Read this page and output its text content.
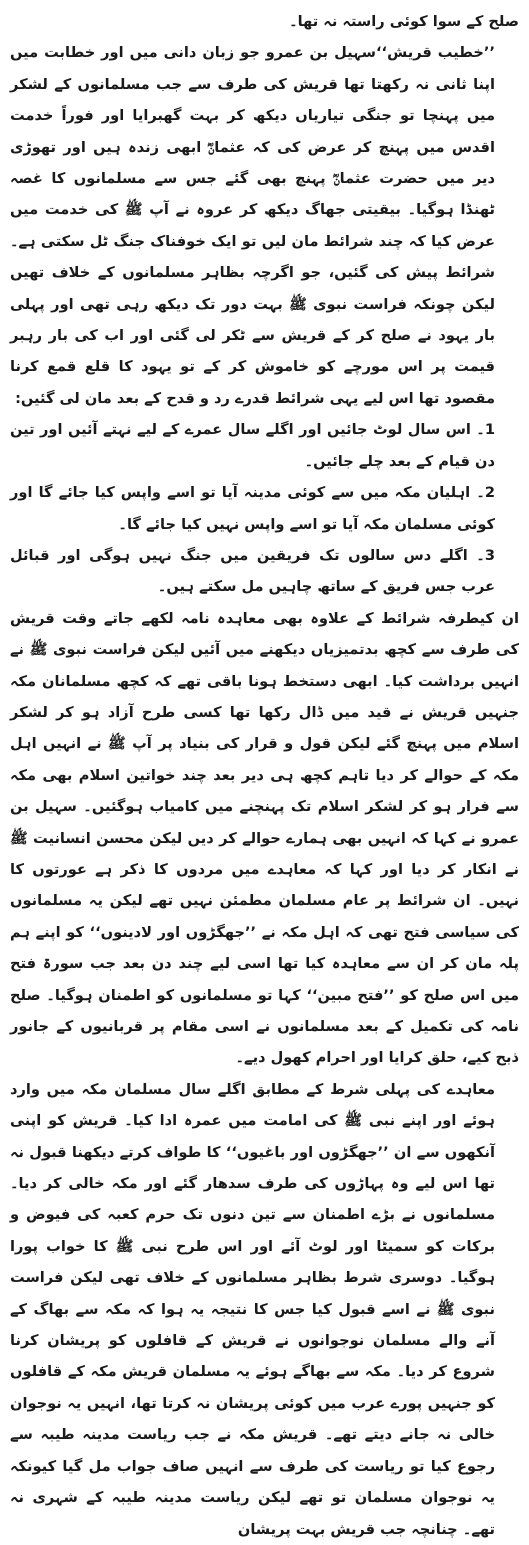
صلح کے سوا کوئی راستہ نہ تھا۔

’’خطیب قریش‘‘سہیل بن عمرو جو زبان دانی میں اور خطابت میں اپنا ثانی نہ رکھتا تھا قریش کی طرف سے جب مسلمانوں کے لشکر میں پہنچا تو جنگی تیاریاں دیکھ کر بہت گھبرایا اور فوراً خدمت اقدس میں پہنچ کر عرض کی کہ عثمانؓ ابھی زندہ ہیں اور تھوڑی دیر میں حضرت عثمانؓ پہنچ بھی گئے جس سے مسلمانوں کا غصہ ٹھنڈا ہوگیا۔ بیقیتی جھاگ دیکھ کر عروہ نے آپ ﷺ کی خدمت میں عرض کیا کہ چند شرائط مان لیں تو ایک خوفناک جنگ ٹل سکتی ہے۔ شرائط پیش کی گئیں، جو اگرچہ بظاہر مسلمانوں کے خلاف تھیں لیکن چونکہ فراست نبوی ﷺ بہت دور تک دیکھ رہی تھی اور پہلی بار یہود نے صلح کر کے قریش سے ٹکر لی گئی اور اب کی بار رہبر قیمت پر اس مورچے کو خاموش کر کے تو یہود کا قلع قمع کرنا مقصود تھا اس لیے یہی شرائط قدرے رد و قدح کے بعد مان لی گئیں:

1۔ اس سال لوٹ جائیں اور اگلے سال عمرے کے لیے نہتے آئیں اور تین دن قیام کے بعد چلے جائیں۔

2۔ اہلیان مکہ میں سے کوئی مدینہ آیا تو اسے واپس کیا جائے گا اور کوئی مسلمان مکہ آیا تو اسے واپس نہیں کیا جائے گا۔

3۔ اگلے دس سالوں تک فریقین میں جنگ نہیں ہوگی اور قبائل عرب جس فریق کے ساتھ چاہیں مل سکتے ہیں۔

ان کیطرفہ شرائط کے علاوہ بھی معاہدہ نامہ لکھے جاتے وقت قریش کی طرف سے کچھ بدتمیزیاں دیکھنے میں آئیں لیکن فراست نبوی ﷺ نے انہیں برداشت کیا۔ ابھی دستخط ہونا باقی تھے کہ کچھ مسلمانان مکہ جنہیں قریش نے قید میں ڈال رکھا تھا کسی طرح آزاد ہو کر لشکر اسلام میں پہنچ گئے لیکن قول و قرار کی بنیاد پر آپ ﷺ نے انہیں اہل مکہ کے حوالے کر دیا تاہم کچھ ہی دیر بعد چند خواتین اسلام بھی مکہ سے فرار ہو کر لشکر اسلام تک پہنچنے میں کامیاب ہوگئیں۔ سہیل بن عمرو نے کہا کہ انہیں بھی ہمارے حوالے کر دیں لیکن محسن انسانیت ﷺ نے انکار کر دیا اور کہا کہ معاہدے میں مردوں کا ذکر ہے عورتوں کا نہیں۔ ان شرائط پر عام مسلمان مطمئن نہیں تھے لیکن یہ مسلمانوں کی سیاسی فتح تھی کہ اہل مکہ نے ’’جھگڑوں اور لادینوں‘‘ کو اپنے ہم پلہ مان کر ان سے معاہدہ کیا تھا اسی لیے چند دن بعد جب سورۃ فتح میں اس صلح کو ’’فتح مبین‘‘ کہا تو مسلمانوں کو اطمنان ہوگیا۔ صلح نامہ کی تکمیل کے بعد مسلمانوں نے اسی مقام پر قربانیوں کے جانور ذبح کیے، حلق کرایا اور احرام کھول دیے۔

معاہدے کی پہلی شرط کے مطابق اگلے سال مسلمان مکہ میں وارد ہوئے اور اپنے نبی ﷺ کی امامت میں عمرہ ادا کیا۔ قریش کو اپنی آنکھوں سے ان ’’جھگڑوں اور باغیوں‘‘ کا طواف کرتے دیکھنا قبول نہ تھا اس لیے وہ پہاڑوں کی طرف سدھار گئے اور مکہ خالی کر دیا۔ مسلمانوں نے بڑے اطمنان سے تین دنوں تک حرم کعبہ کی فیوض و برکات کو سمیٹا اور لوٹ آئے اور اس طرح نبی ﷺ کا خواب پورا ہوگیا۔ دوسری شرط بظاہر مسلمانوں کے خلاف تھی لیکن فراست نبوی ﷺ نے اسے قبول کیا جس کا نتیجہ یہ ہوا کہ مکہ سے بھاگ کے آنے والے مسلمان نوجوانوں نے قریش کے قافلوں کو پریشان کرنا شروع کر دیا۔ مکہ سے بھاگے ہوئے یہ مسلمان قریش مکہ کے قافلوں کو جنہیں پورے عرب میں کوئی پریشان نہ کرتا تھا، انہیں یہ نوجوان خالی نہ جانے دیتے تھے۔ قریش مکہ نے جب ریاست مدینہ طیبہ سے رجوع کیا تو ریاست کی طرف سے انہیں صاف جواب مل گیا کیونکہ یہ نوجوان مسلمان تو تھے لیکن ریاست مدینہ طیبہ کے شہری نہ تھے۔ چنانچہ جب قریش بہت پریشان
